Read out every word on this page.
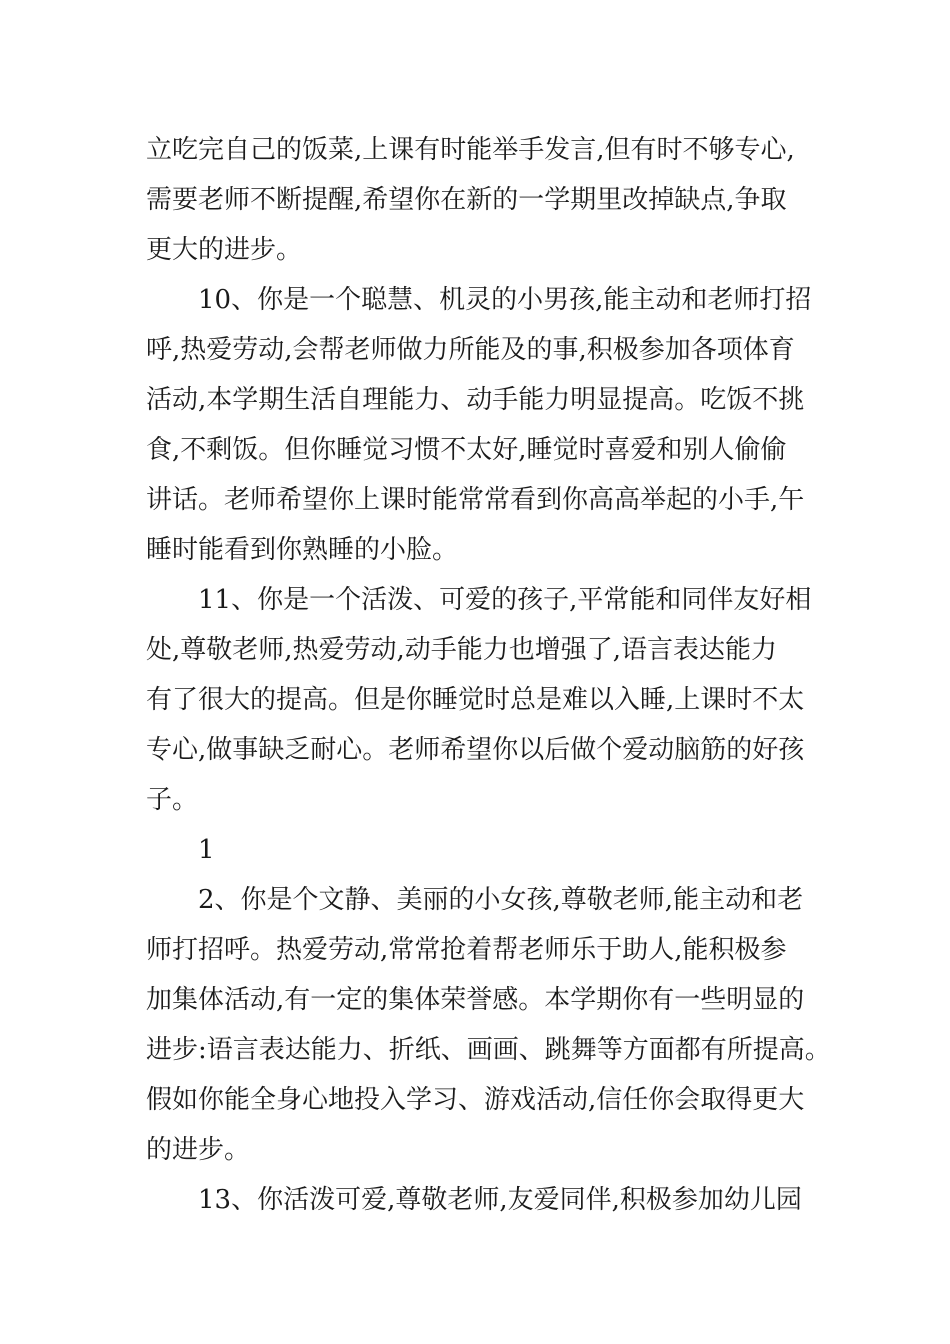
立吃完自己的饭菜,上课有时能举手发言,但有时不够专心,
需要老师不断提醒,希望你在新的一学期里改掉缺点,争取
更大的进步。
10、你是一个聪慧、机灵的小男孩,能主动和老师打招
呼,热爱劳动,会帮老师做力所能及的事,积极参加各项体育
活动,本学期生活自理能力、动手能力明显提高。吃饭不挑
食,不剩饭。但你睡觉习惯不太好,睡觉时喜爱和别人偷偷
讲话。老师希望你上课时能常常看到你高高举起的小手,午
睡时能看到你熟睡的小脸。
11、你是一个活泼、可爱的孩子,平常能和同伴友好相
处,尊敬老师,热爱劳动,动手能力也增强了,语言表达能力
有了很大的提高。但是你睡觉时总是难以入睡,上课时不太
专心,做事缺乏耐心。老师希望你以后做个爱动脑筋的好孩
子。
1
2、你是个文静、美丽的小女孩,尊敬老师,能主动和老
师打招呼。热爱劳动,常常抢着帮老师乐于助人,能积极参
加集体活动,有一定的集体荣誉感。本学期你有一些明显的
进步:语言表达能力、折纸、画画、跳舞等方面都有所提高。
假如你能全身心地投入学习、游戏活动,信任你会取得更大
的进步。
13、你活泼可爱,尊敬老师,友爱同伴,积极参加幼儿园
